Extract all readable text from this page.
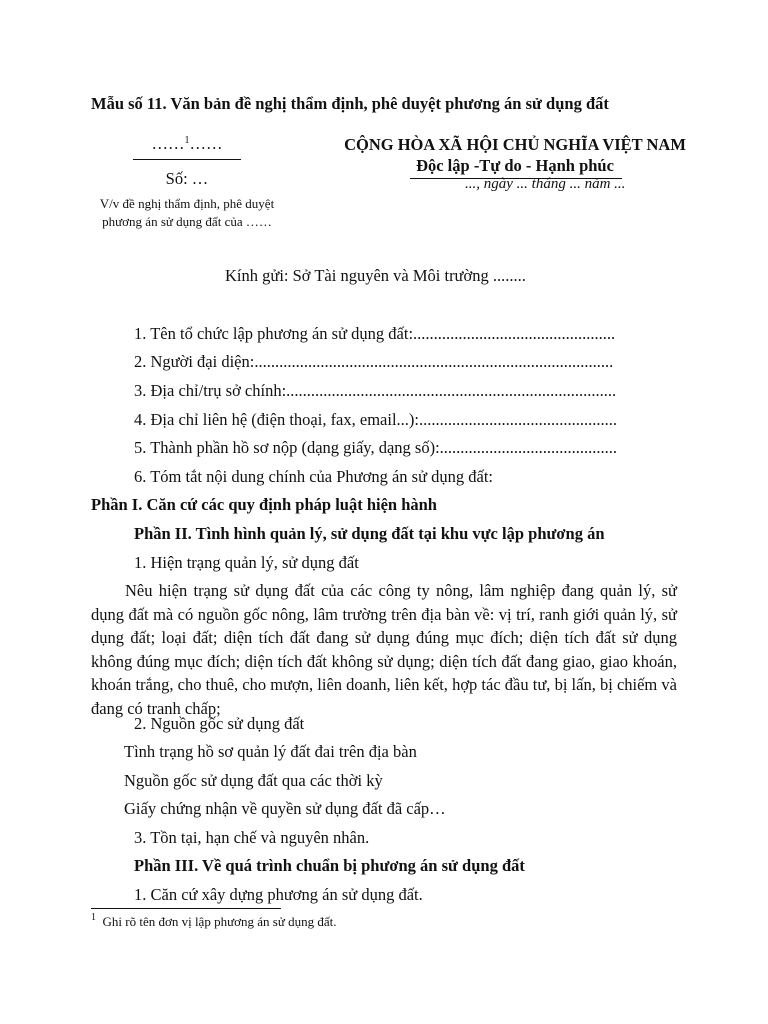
Mẫu số 11. Văn bản đề nghị thẩm định, phê duyệt phương án sử dụng đất
……$^1$……
Số: …
V/v đề nghị thẩm định, phê duyệt
phương án sử dụng đất của ……
CỘNG HÒA XÃ HỘI CHỦ NGHĨA VIỆT NAM
Độc lập -Tự do - Hạnh phúc
..., ngày ... tháng ... năm ...
Kính gửi: Sở Tài nguyên và Môi trường ........
1. Tên tổ chức lập phương án sử dụng đất:.................................................
2. Người đại diện:.......................................................................................
3. Địa chỉ/trụ sở chính:................................................................................
4. Địa chỉ liên hệ (điện thoại, fax, email...):................................................
5. Thành phần hồ sơ nộp (dạng giấy, dạng số):...........................................
6. Tóm tắt nội dung chính của Phương án sử dụng đất:
Phần I. Căn cứ các quy định pháp luật hiện hành
Phần II. Tình hình quản lý, sử dụng đất tại khu vực lập phương án
1. Hiện trạng quản lý, sử dụng đất
Nêu hiện trạng sử dụng đất của các công ty nông, lâm nghiệp đang quản lý, sử dụng đất mà có nguồn gốc nông, lâm trường trên địa bàn về: vị trí, ranh giới quản lý, sử dụng đất; loại đất; diện tích đất đang sử dụng đúng mục đích; diện tích đất sử dụng không đúng mục đích; diện tích đất không sử dụng; diện tích đất đang giao, giao khoán, khoán trắng, cho thuê, cho mượn, liên doanh, liên kết, hợp tác đầu tư, bị lấn, bị chiếm và đang có tranh chấp;
2. Nguồn gốc sử dụng đất
Tình trạng hồ sơ quản lý đất đai trên địa bàn
Nguồn gốc sử dụng đất qua các thời kỳ
Giấy chứng nhận về quyền sử dụng đất đã cấp…
3. Tồn tại, hạn chế và nguyên nhân.
Phần III. Về quá trình chuẩn bị phương án sử dụng đất
1. Căn cứ xây dựng phương án sử dụng đất.
$^1$ Ghi rõ tên đơn vị lập phương án sử dụng đất.
